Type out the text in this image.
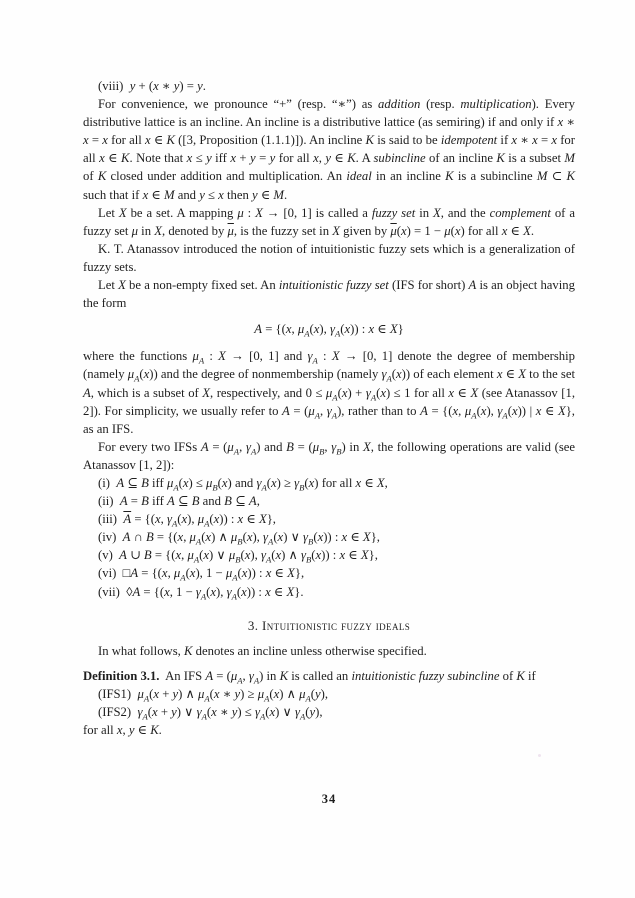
(viii)  y + (x ∗ y) = y.

For convenience, we pronounce “+” (resp. “∗”) as addition (resp. multiplication). Every distributive lattice is an incline. An incline is a distributive lattice (as semiring) if and only if x ∗ x = x for all x ∈ K ([3, Proposition (1.1.1)]). An incline K is said to be idempotent if x ∗ x = x for all x ∈ K. Note that x ≤ y iff x + y = y for all x, y ∈ K. A subincline of an incline K is a subset M of K closed under addition and multiplication. An ideal in an incline K is a subincline M ⊂ K such that if x ∈ M and y ≤ x then y ∈ M.

Let X be a set. A mapping μ : X → [0, 1] is called a fuzzy set in X, and the complement of a fuzzy set μ in X, denoted by $\overline{\mu}$, is the fuzzy set in X given by $\overline{\mu}(x) = 1 - \mu(x)$ for all x ∈ X.

K. T. Atanassov introduced the notion of intuitionistic fuzzy sets which is a generalization of fuzzy sets.

Let X be a non-empty fixed set. An intuitionistic fuzzy set (IFS for short) A is an object having the form

A = {(x, $\mu_A(x)$, $\gamma_A(x)$) : x ∈ X}

where the functions $\mu_A$ : X → [0, 1] and $\gamma_A$ : X → [0, 1] denote the degree of membership (namely $\mu_A(x)$) and the degree of nonmembership (namely $\gamma_A(x)$) of each element x ∈ X to the set A, which is a subset of X, respectively, and $0 \le \mu_A(x) + \gamma_A(x) \le 1$ for all x ∈ X (see Atanassov [1, 2]). For simplicity, we usually refer to $A = (\mu_A$, $\gamma_A$), rather than to A = {(x, $\mu_A(x)$, $\gamma_A(x)$) | x ∈ X}, as an IFS.

For every two IFSs $A = (\mu_A$, $\gamma_A$) and $B = (\mu_B$, $\gamma_B$) in X, the following operations are valid (see Atanassov [1, 2]):

(i)  A ⊆ B iff $\mu_A(x) \le \mu_B(x)$ and $\gamma_A(x) \ge \gamma_B(x)$ for all x ∈ X,

(ii)  A = B iff A ⊆ B and B ⊆ A,

(iii)  $\overline{A} = \{(x$, $\gamma_A(x)$, $\mu_A(x)$) : x ∈ X},

(iv)  A ∩ B = {(x, $\mu_A(x)$ ∧ $\mu_B(x)$, $\gamma_A(x)$ ∨ $\gamma_B(x)$) : x ∈ X},

(v)  A ∪ B = {(x, $\mu_A(x)$ ∨ $\mu_B(x)$, $\gamma_A(x)$ ∧ $\gamma_B(x)$) : x ∈ X},

(vi)  □A = {(x, $\mu_A(x)$, $1 - \mu_A(x)$) : x ∈ X},

(vii)  ◊A = {(x, $1 - \gamma_A(x)$, $\gamma_A(x)$) : x ∈ X}.

3. Intuitionistic fuzzy ideals

In what follows, K denotes an incline unless otherwise specified.

Definition 3.1.  An IFS $A = (\mu_A$, $\gamma_A$) in K is called an intuitionistic fuzzy subincline of K if

(IFS1)  $\mu_A(x + y)$ ∧ $\mu_A(x$ ∗ $y) \ge \mu_A(x)$ ∧ $\mu_A(y)$,

(IFS2)  $\gamma_A(x + y)$ ∨ $\gamma_A(x$ ∗ $y) \le \gamma_A(x)$ ∨ $\gamma_A(y)$,

for all x, y ∈ K.

34
